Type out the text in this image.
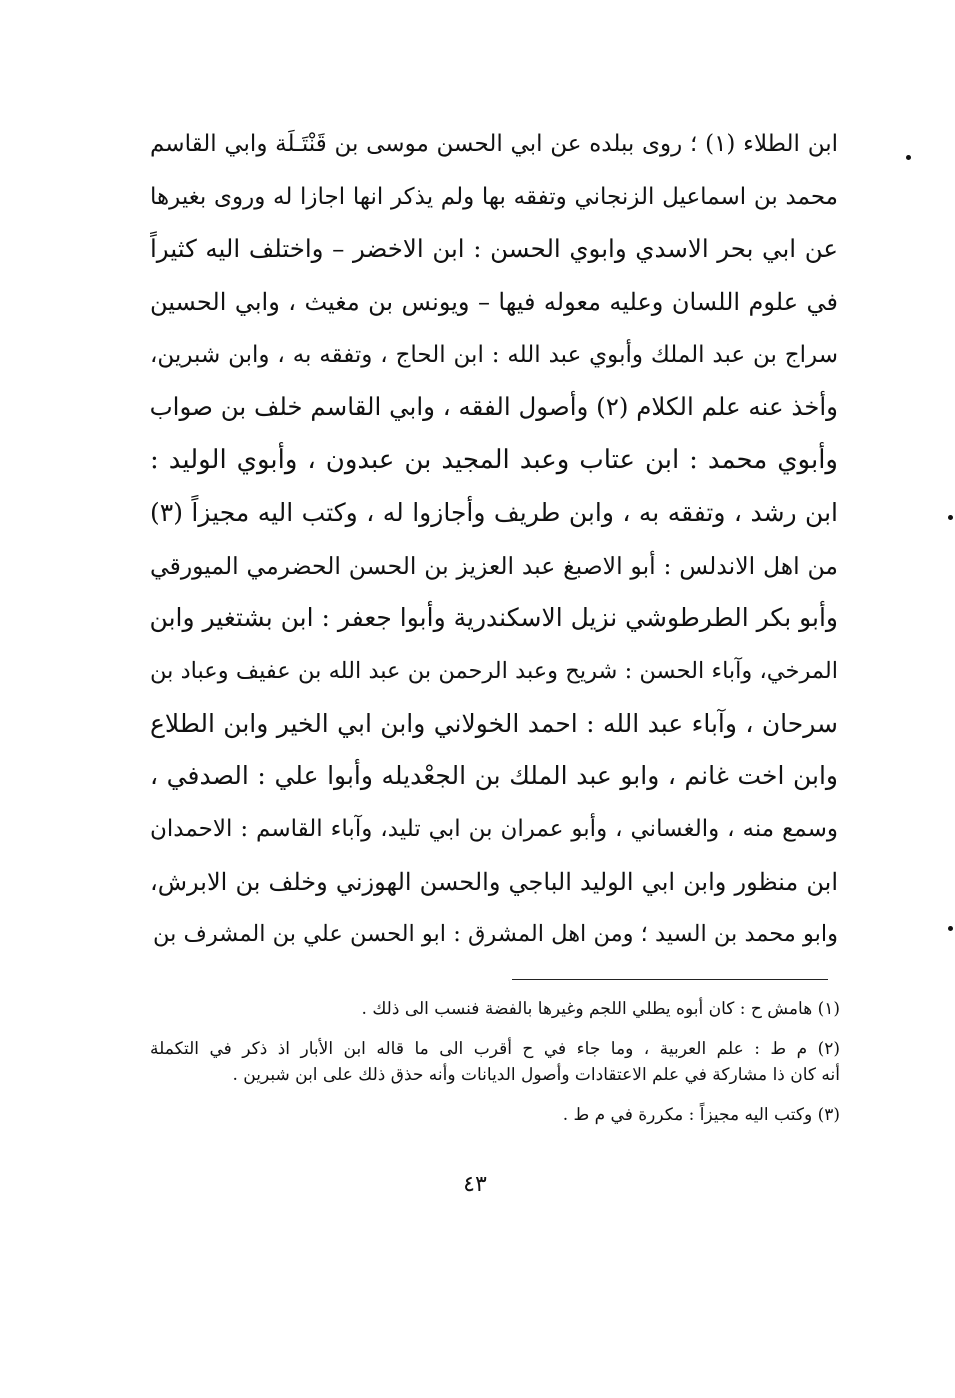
ابن الطلاء (١) ؛ روى ببلده عن ابي الحسن موسى بن قَنْتَـلَة وابي القاسم
محمد بن اسماعيل الزنجاني وتفقه بها ولم يذكر انها اجازا له وروى بغيرها
عن ابي بحر الاسدي وابوي الحسن : ابن الاخضر – واختلف اليه كثيراً
في علوم اللسان وعليه معوله فيها – ويونس بن مغيث ، وابي الحسين
سراج بن عبد الملك وأبوي عبد الله : ابن الحاج ، وتفقه به ، وابن شبرين،
وأخذ عنه علم الكلام (٢) وأصول الفقه ، وابي القاسم خلف بن صواب
وأبوي محمد : ابن عتاب وعبد المجيد بن عبدون ، وأبوي الوليد :
ابن رشد ، وتفقه به ، وابن طريف وأجازوا له ، وكتب اليه مجيزاً (٣)
من اهل الاندلس : أبو الاصبغ عبد العزيز بن الحسن الحضرمي الميورقي
وأبو بكر الطرطوشي نزيل الاسكندرية وأبوا جعفر : ابن بشتغير وابن
المرخي، وآباء الحسن : شريح وعبد الرحمن بن عبد الله بن عفيف وعباد بن
سرحان ، وآباء عبد الله : احمد الخولاني وابن ابي الخير وابن الطلاع
وابن اخت غانم ، وابو عبد الملك بن الجعْديله وأبوا علي : الصدفي ،
وسمع منه ، والغساني ، وأبو عمران بن ابي تليد، وآباء القاسم : الاحمدان
ابن منظور وابن ابي الوليد الباجي والحسن الهوزني وخلف بن الابرش،
وابو محمد بن السيد ؛ ومن اهل المشرق : ابو الحسن علي بن المشرف بن
(١) هامش ح : كان أبوه يطلي اللجم وغيرها بالفضة فنسب الى ذلك .
(٢) م ط : علم العربية ، وما جاء في ح أقرب الى ما قاله ابن الأبار اذ ذكر في التكملة
أنه كان ذا مشاركة في علم الاعتقادات وأصول الديانات وأنه حذق ذلك على ابن شبرين .
(٣) وكتب اليه مجيزاً : مكررة في م ط .
٤٣
